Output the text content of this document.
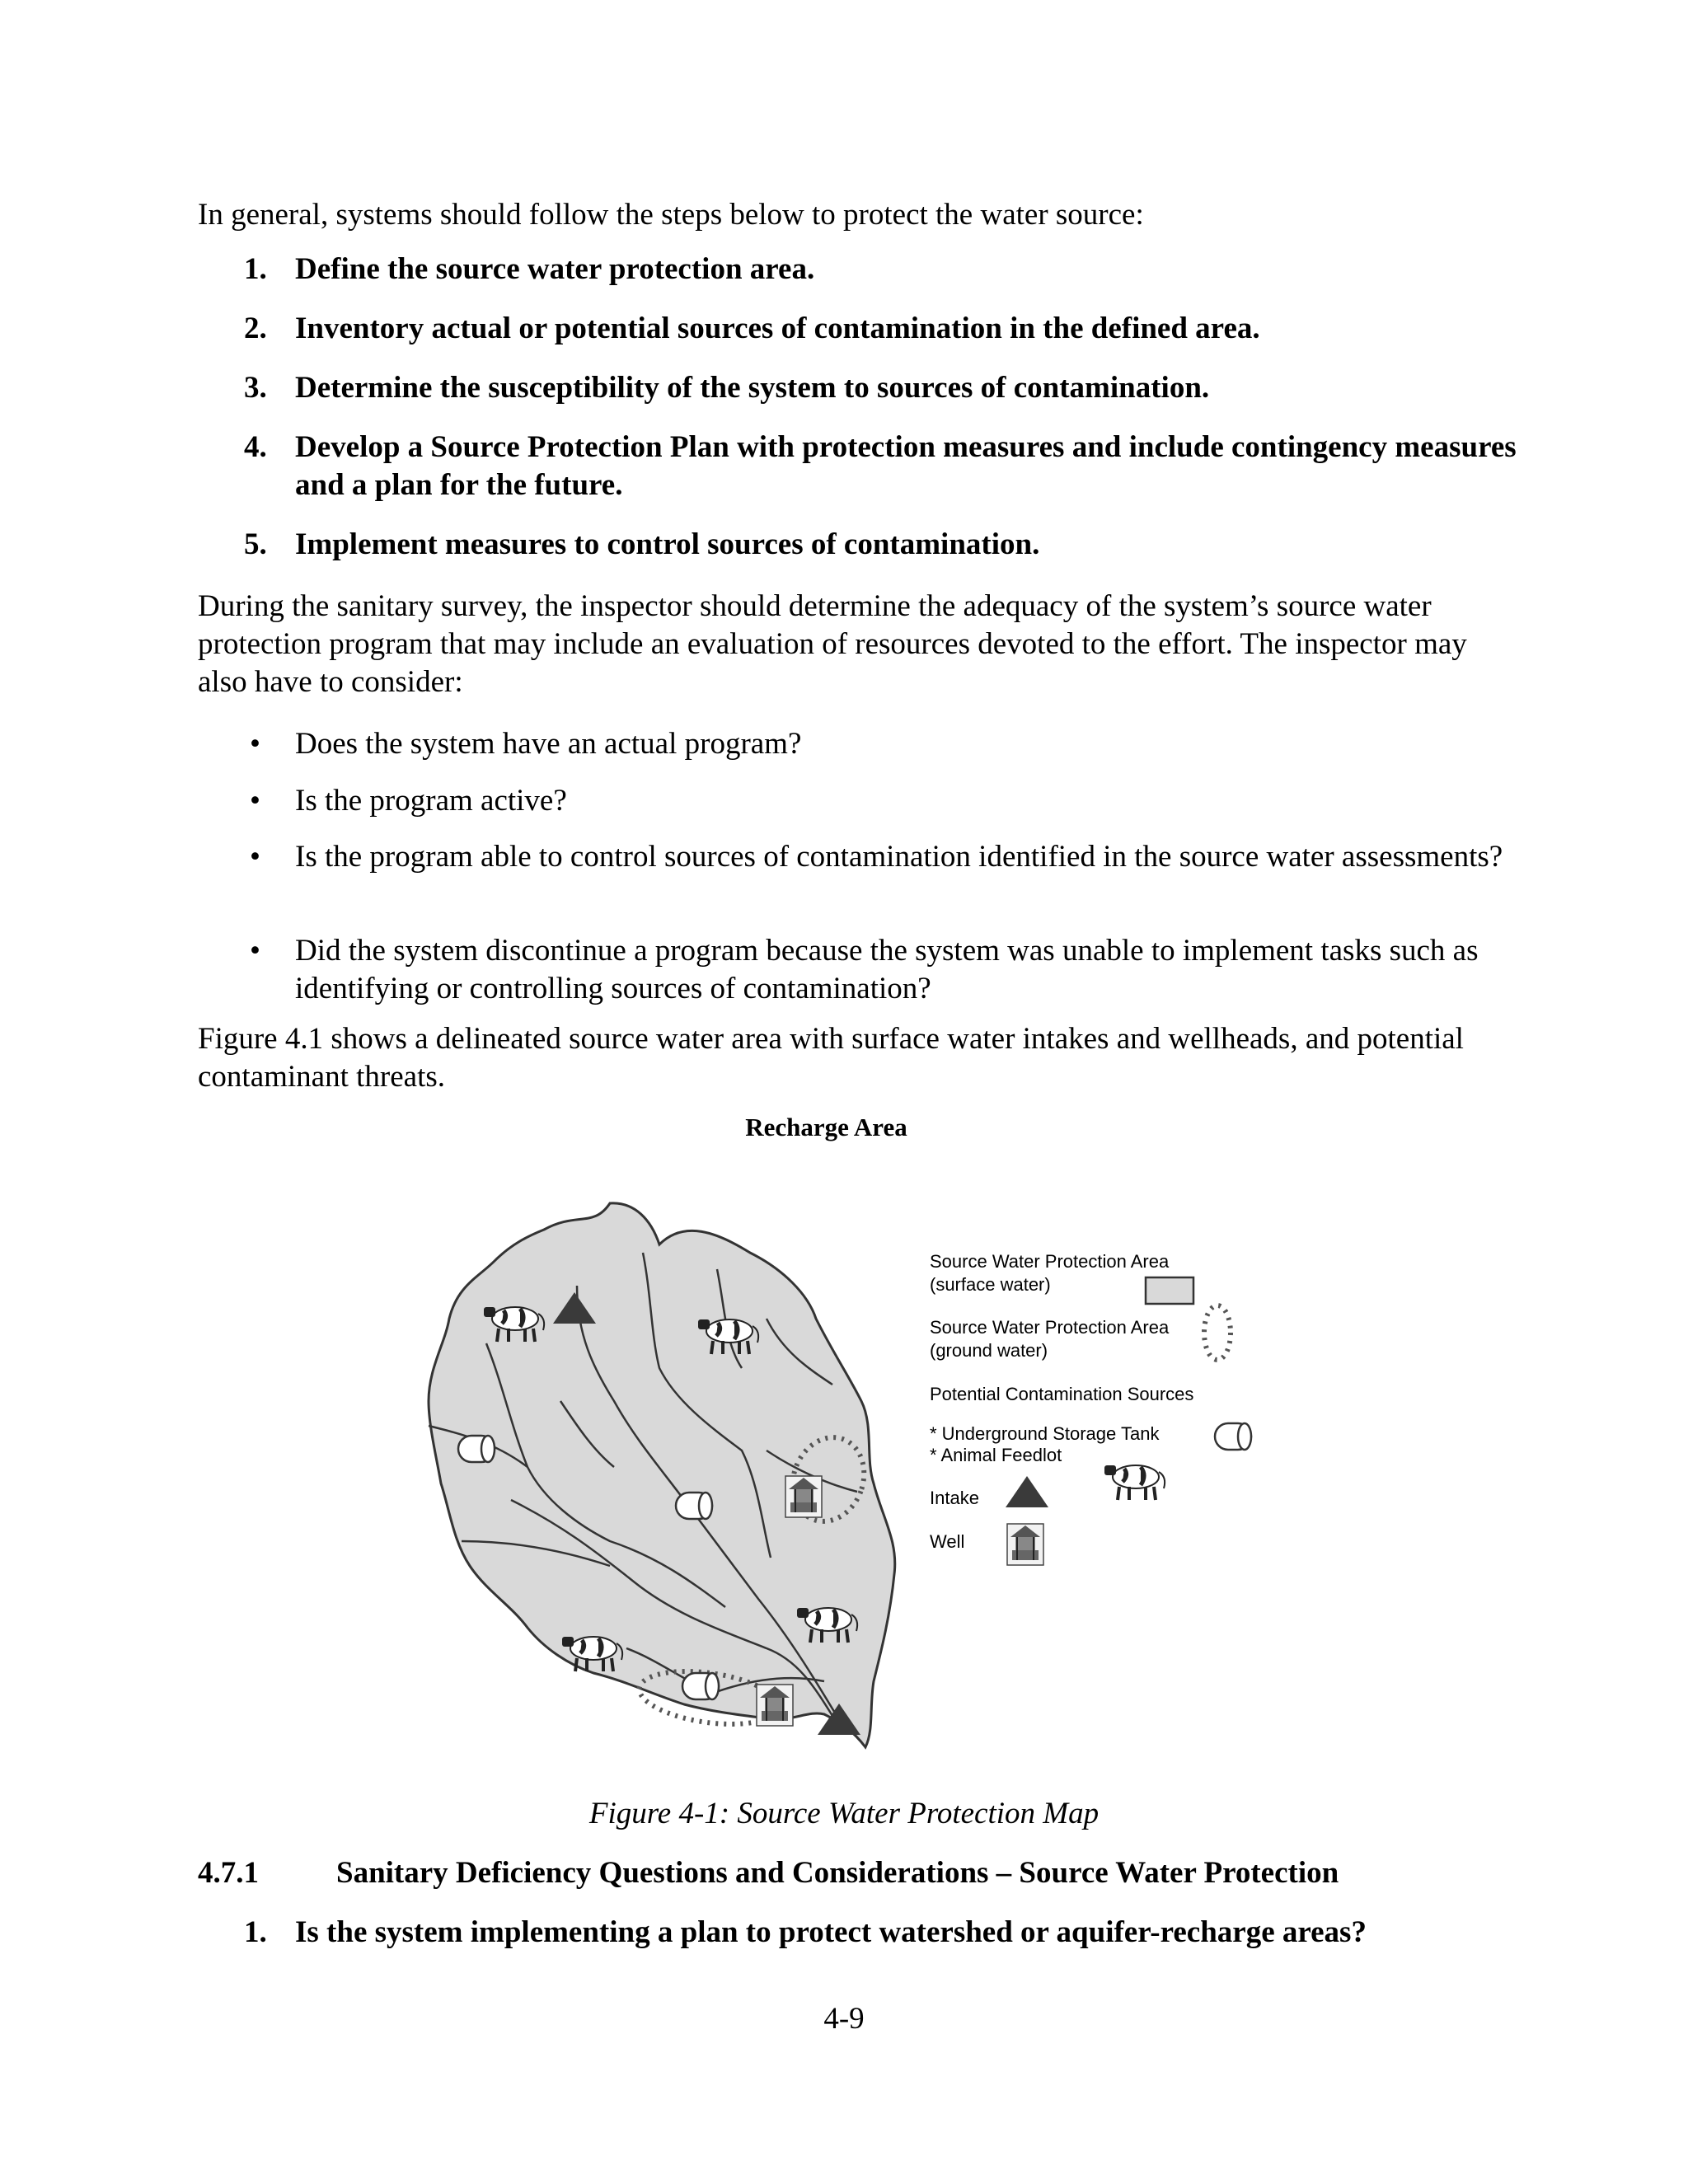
In general, systems should follow the steps below to protect the water source:

1. Define the source water protection area.
2. Inventory actual or potential sources of contamination in the defined area.
3. Determine the susceptibility of the system to sources of contamination.
4. Develop a Source Protection Plan with protection measures and include contingency measures and a plan for the future.
5. Implement measures to control sources of contamination.

During the sanitary survey, the inspector should determine the adequacy of the system’s source water protection program that may include an evaluation of resources devoted to the effort. The inspector may also have to consider:

• Does the system have an actual program?
• Is the program active?
• Is the program able to control sources of contamination identified in the source water assessments?
• Did the system discontinue a program because the system was unable to implement tasks such as identifying or controlling sources of contamination?

Figure 4.1 shows a delineated source water area with surface water intakes and wellheads, and potential contaminant threats.

Recharge Area
Source Water Protection Area
(surface water)
Source Water Protection Area
(ground water)
Potential Contamination Sources
* Underground Storage Tank
* Animal Feedlot
Intake
Well
Figure 4-1: Source Water Protection Map
4.7.1	Sanitary Deficiency Questions and Considerations – Source Water Protection
1. Is the system implementing a plan to protect watershed or aquifer-recharge areas?
4-9
